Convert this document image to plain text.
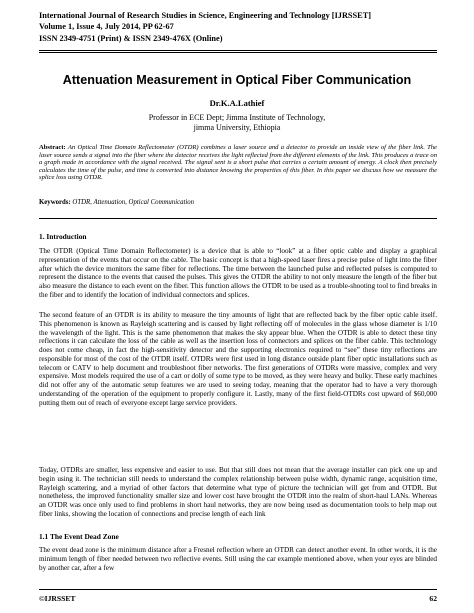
International Journal of Research Studies in Science, Engineering and Technology [IJRSSET]
Volume 1, Issue 4, July 2014, PP 62-67
ISSN 2349-4751 (Print) & ISSN 2349-476X (Online)
Attenuation Measurement in Optical Fiber Communication
Dr.K.A.Lathief
Professor in ECE Dept; Jimma Institute of Technology,
jimma University, Ethiopia
Abstract: An Optical Time Domain Reflectometer (OTDR) combines a laser source and a detector to provide an inside view of the fiber link. The laser source sends a signal into the fiber where the detector receives the light reflected from the different elements of the link. This produces a trace on a graph made in accordance with the signal received. The signal sent is a short pulse that carries a certain amount of energy. A clock then precisely calculates the time of the pulse, and time is converted into distance knowing the properties of this fiber. In this paper we discuss how we measure the splice loss using OTDR.
Keywords: OTDR, Attenuation, Optical Communication
1. Introduction
The OTDR (Optical Time Domain Reflectometer) is a device that is able to “look” at a fiber optic cable and display a graphical representation of the events that occur on the cable. The basic concept is that a high-speed laser fires a precise pulse of light into the fiber after which the device monitors the same fiber for reflections. The time between the launched pulse and reflected pulses is computed to represent the distance to the events that caused the pulses. This gives the OTDR the ability to not only measure the length of the fiber but also measure the distance to each event on the fiber. This function allows the OTDR to be used as a trouble-shooting tool to find breaks in the fiber and to identify the location of individual connectors and splices.
The second feature of an OTDR is its ability to measure the tiny amounts of light that are reflected back by the fiber optic cable itself. This phenomenon is known as Rayleigh scattering and is caused by light reflecting off of molecules in the glass whose diameter is 1/10 the wavelength of the light. This is the same phenomenon that makes the sky appear blue. When the OTDR is able to detect these tiny reflections it can calculate the loss of the cable as well as the insertion loss of connectors and splices on the fiber cable. This technology does not come cheap, in fact the high-sensitivity detector and the supporting electronics required to “see” these tiny reflections are responsible for most of the cost of the OTDR itself. OTDRs were first used in long distance outside plant fiber optic installations such as telecom or CATV to help document and troubleshoot fiber networks. The first generations of OTDRs were massive, complex and very expensive. Most models required the use of a cart or dolly of some type to be moved, as they were heavy and bulky. These early machines did not offer any of the automatic setup features we are used to seeing today, meaning that the operator had to have a very thorough understanding of the operation of the equipment to properly configure it. Lastly, many of the first field-OTDRs cost upward of $60,000 putting them out of reach of everyone except large service providers.
Today, OTDRs are smaller, less expensive and easier to use. But that still does not mean that the average installer can pick one up and begin using it. The technician still needs to understand the complex relationship between pulse width, dynamic range, acquisition time, Rayleigh scattering, and a myriad of other factors that determine what type of picture the technician will get from and OTDR. But nonetheless, the improved functionality smaller size and lower cost have brought the OTDR into the realm of short-haul LANs. Whereas an OTDR was once only used to find problems in short haul networks, they are now being used as documentation tools to help map out fiber links, showing the location of connections and precise length of each link
1.1 The Event Dead Zone
The event dead zone is the minimum distance after a Fresnel reflection where an OTDR can detect another event. In other words, it is the minimum length of fiber needed between two reflective events. Still using the car example mentioned above, when your eyes are blinded by another car, after a few
©IJRSSET	62
